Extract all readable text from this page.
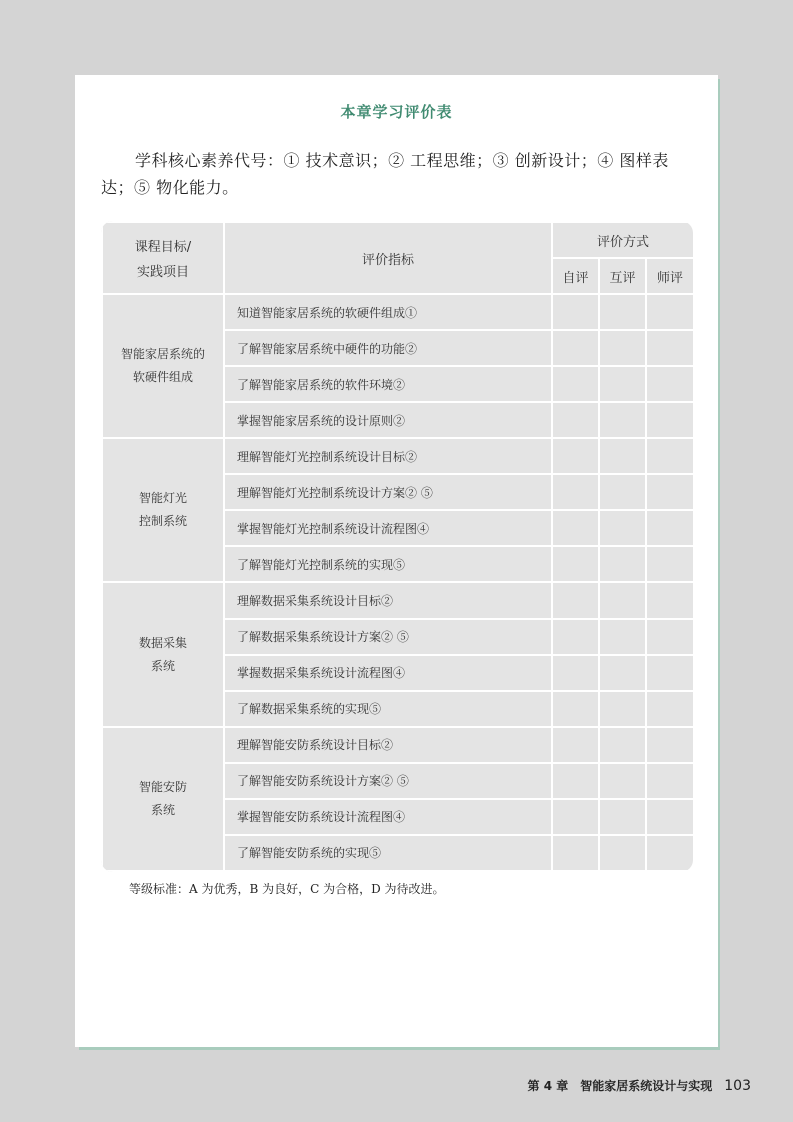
本章学习评价表
学科核心素养代号：① 技术意识；② 工程思维；③ 创新设计；④ 图样表达；⑤ 物化能力。
课程目标/
实践项目	评价指标	评价方式		
		自评	互评	师评

智能家居系统的
软硬件组成	知道智能家居系统的软硬件组成①			
	了解智能家居系统中硬件的功能②			
	了解智能家居系统的软件环境②			
	掌握智能家居系统的设计原则②			

智能灯光
控制系统	理解智能灯光控制系统设计目标②			
	理解智能灯光控制系统设计方案② ⑤			
	掌握智能灯光控制系统设计流程图④			
	了解智能灯光控制系统的实现⑤			

数据采集
系统	理解数据采集系统设计目标②			
	了解数据采集系统设计方案② ⑤			
	掌握数据采集系统设计流程图④			
	了解数据采集系统的实现⑤			

智能安防
系统	理解智能安防系统设计目标②			
	了解智能安防系统设计方案② ⑤			
	掌握智能安防系统设计流程图④			
	了解智能安防系统的实现⑤			
等级标准：A 为优秀，B 为良好，C 为合格，D 为待改进。
第 4 章 智能家居系统设计与实现 103
